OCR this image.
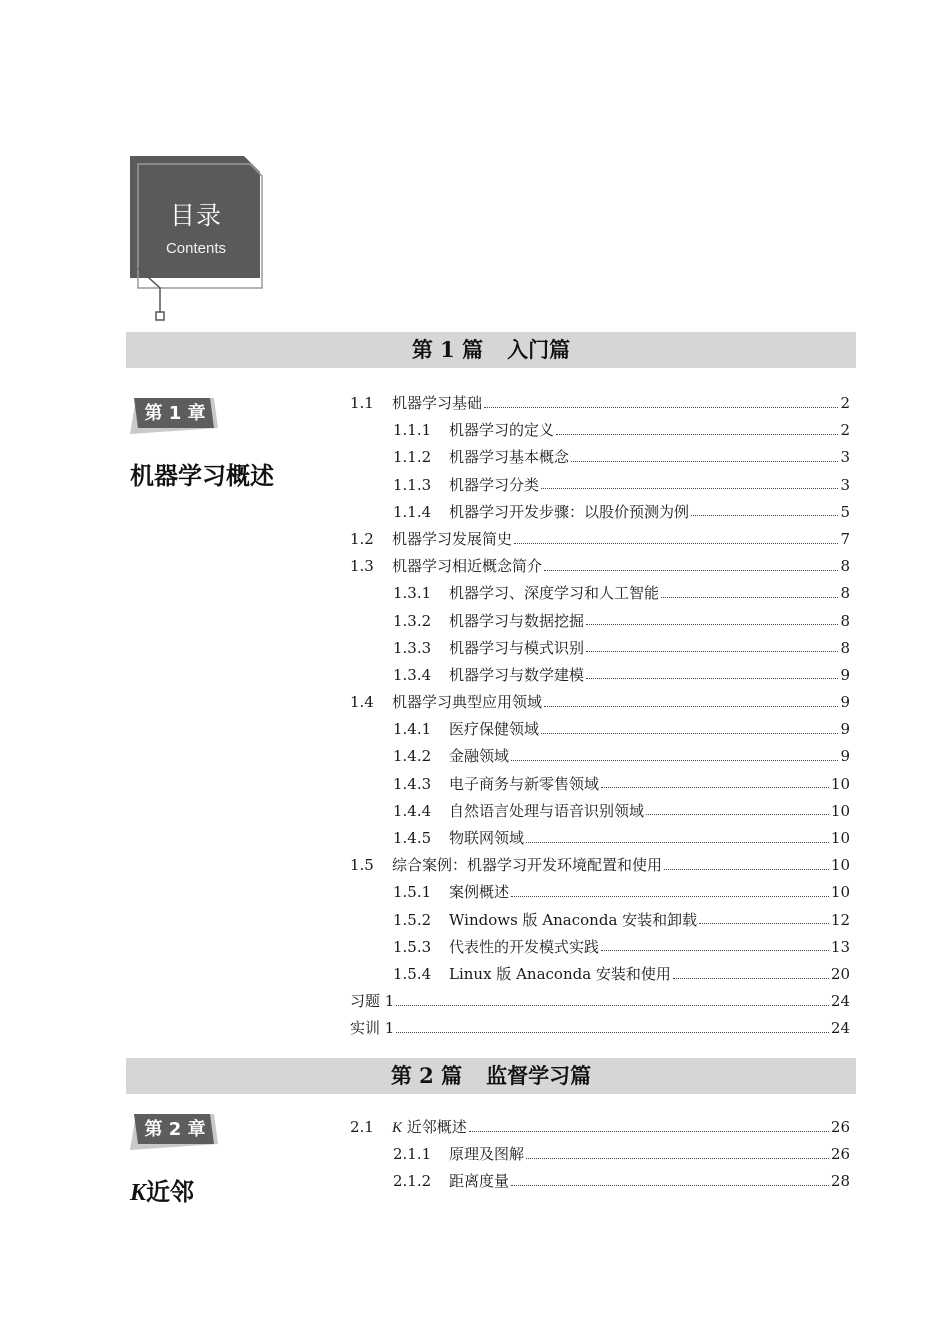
目录
Contents
第 1 篇 入门篇
第 1 章
机器学习概述
1.1	机器学习基础	2
1.1.1	机器学习的定义	2
1.1.2	机器学习基本概念	3
1.1.3	机器学习分类	3
1.1.4	机器学习开发步骤：以股价预测为例	5
1.2	机器学习发展简史	7
1.3	机器学习相近概念简介	8
1.3.1	机器学习、深度学习和人工智能	8
1.3.2	机器学习与数据挖掘	8
1.3.3	机器学习与模式识别	8
1.3.4	机器学习与数学建模	9
1.4	机器学习典型应用领域	9
1.4.1	医疗保健领域	9
1.4.2	金融领域	9
1.4.3	电子商务与新零售领域	10
1.4.4	自然语言处理与语音识别领域	10
1.4.5	物联网领域	10
1.5	综合案例：机器学习开发环境配置和使用	10
1.5.1	案例概述	10
1.5.2	Windows 版 Anaconda 安装和卸载	12
1.5.3	代表性的开发模式实践	13
1.5.4	Linux 版 Anaconda 安装和使用	20
习题 1	24
实训 1	24
第 2 篇 监督学习篇
第 2 章
K近邻
2.1	K 近邻概述	26
2.1.1	原理及图解	26
2.1.2	距离度量	28
